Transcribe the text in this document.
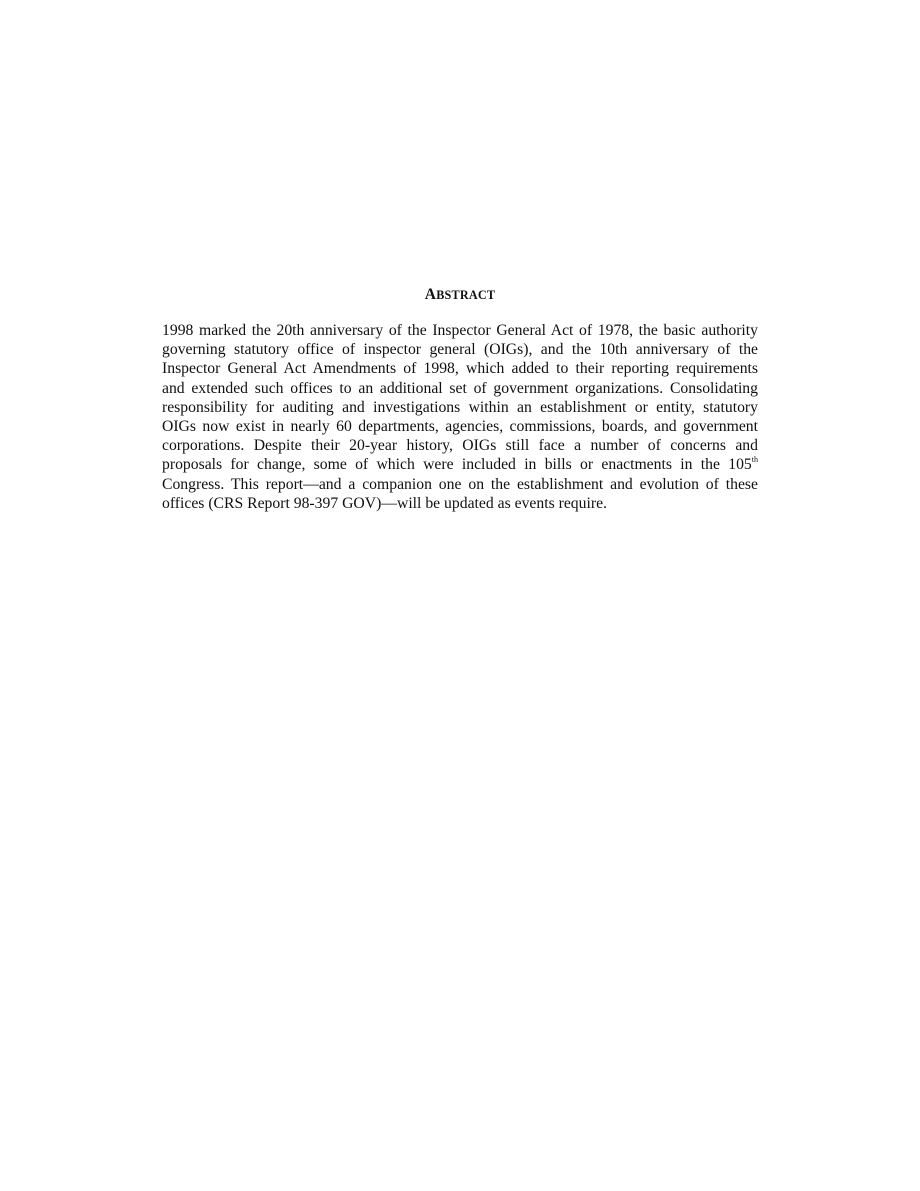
ABSTRACT
1998 marked the 20th anniversary of the Inspector General Act of 1978, the basic authority
governing statutory office of inspector general (OIGs), and the 10th anniversary of the
Inspector General Act Amendments of 1998, which added to their reporting requirements
and extended such offices to an additional set of government organizations. Consolidating
responsibility for auditing and investigations within an establishment or entity, statutory
OIGs now exist in nearly 60 departments, agencies, commissions, boards, and government
corporations. Despite their 20-year history, OIGs still face a number of concerns and
proposals for change, some of which were included in bills or enactments in the 105th
Congress. This report—and a companion one on the establishment and evolution of these
offices (CRS Report 98-397 GOV)—will be updated as events require.
